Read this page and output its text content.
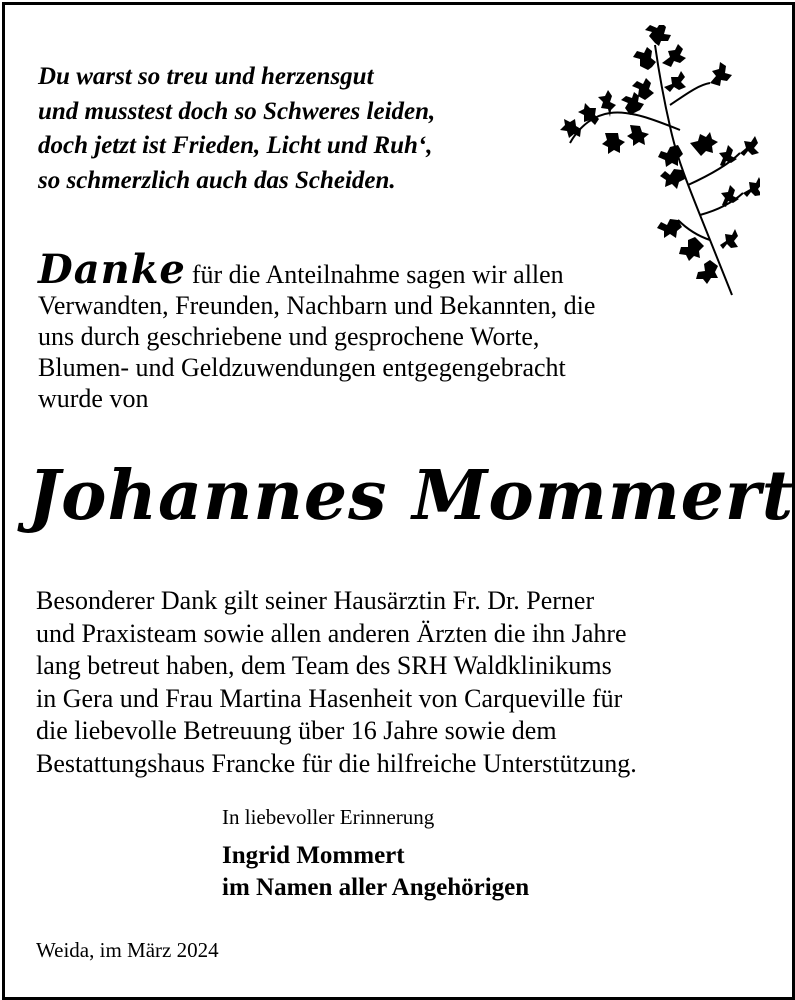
Du warst so treu und herzensgut
und musstest doch so Schweres leiden,
doch jetzt ist Frieden, Licht und Ruh‘,
so schmerzlich auch das Scheiden.
Danke für die Anteilnahme sagen wir allen
Verwandten, Freunden, Nachbarn und Bekannten, die
uns durch geschriebene und gesprochene Worte,
Blumen- und Geldzuwendungen entgegengebracht
wurde von
Johannes Mommert
Besonderer Dank gilt seiner Hausärztin Fr. Dr. Perner
und Praxisteam sowie allen anderen Ärzten die ihn Jahre
lang betreut haben, dem Team des SRH Waldklinikums
in Gera und Frau Martina Hasenheit von Carqueville für
die liebevolle Betreuung über 16 Jahre sowie dem
Bestattungshaus Francke für die hilfreiche Unterstützung.
In liebevoller Erinnerung
Ingrid Mommert
im Namen aller Angehörigen
Weida, im März 2024
